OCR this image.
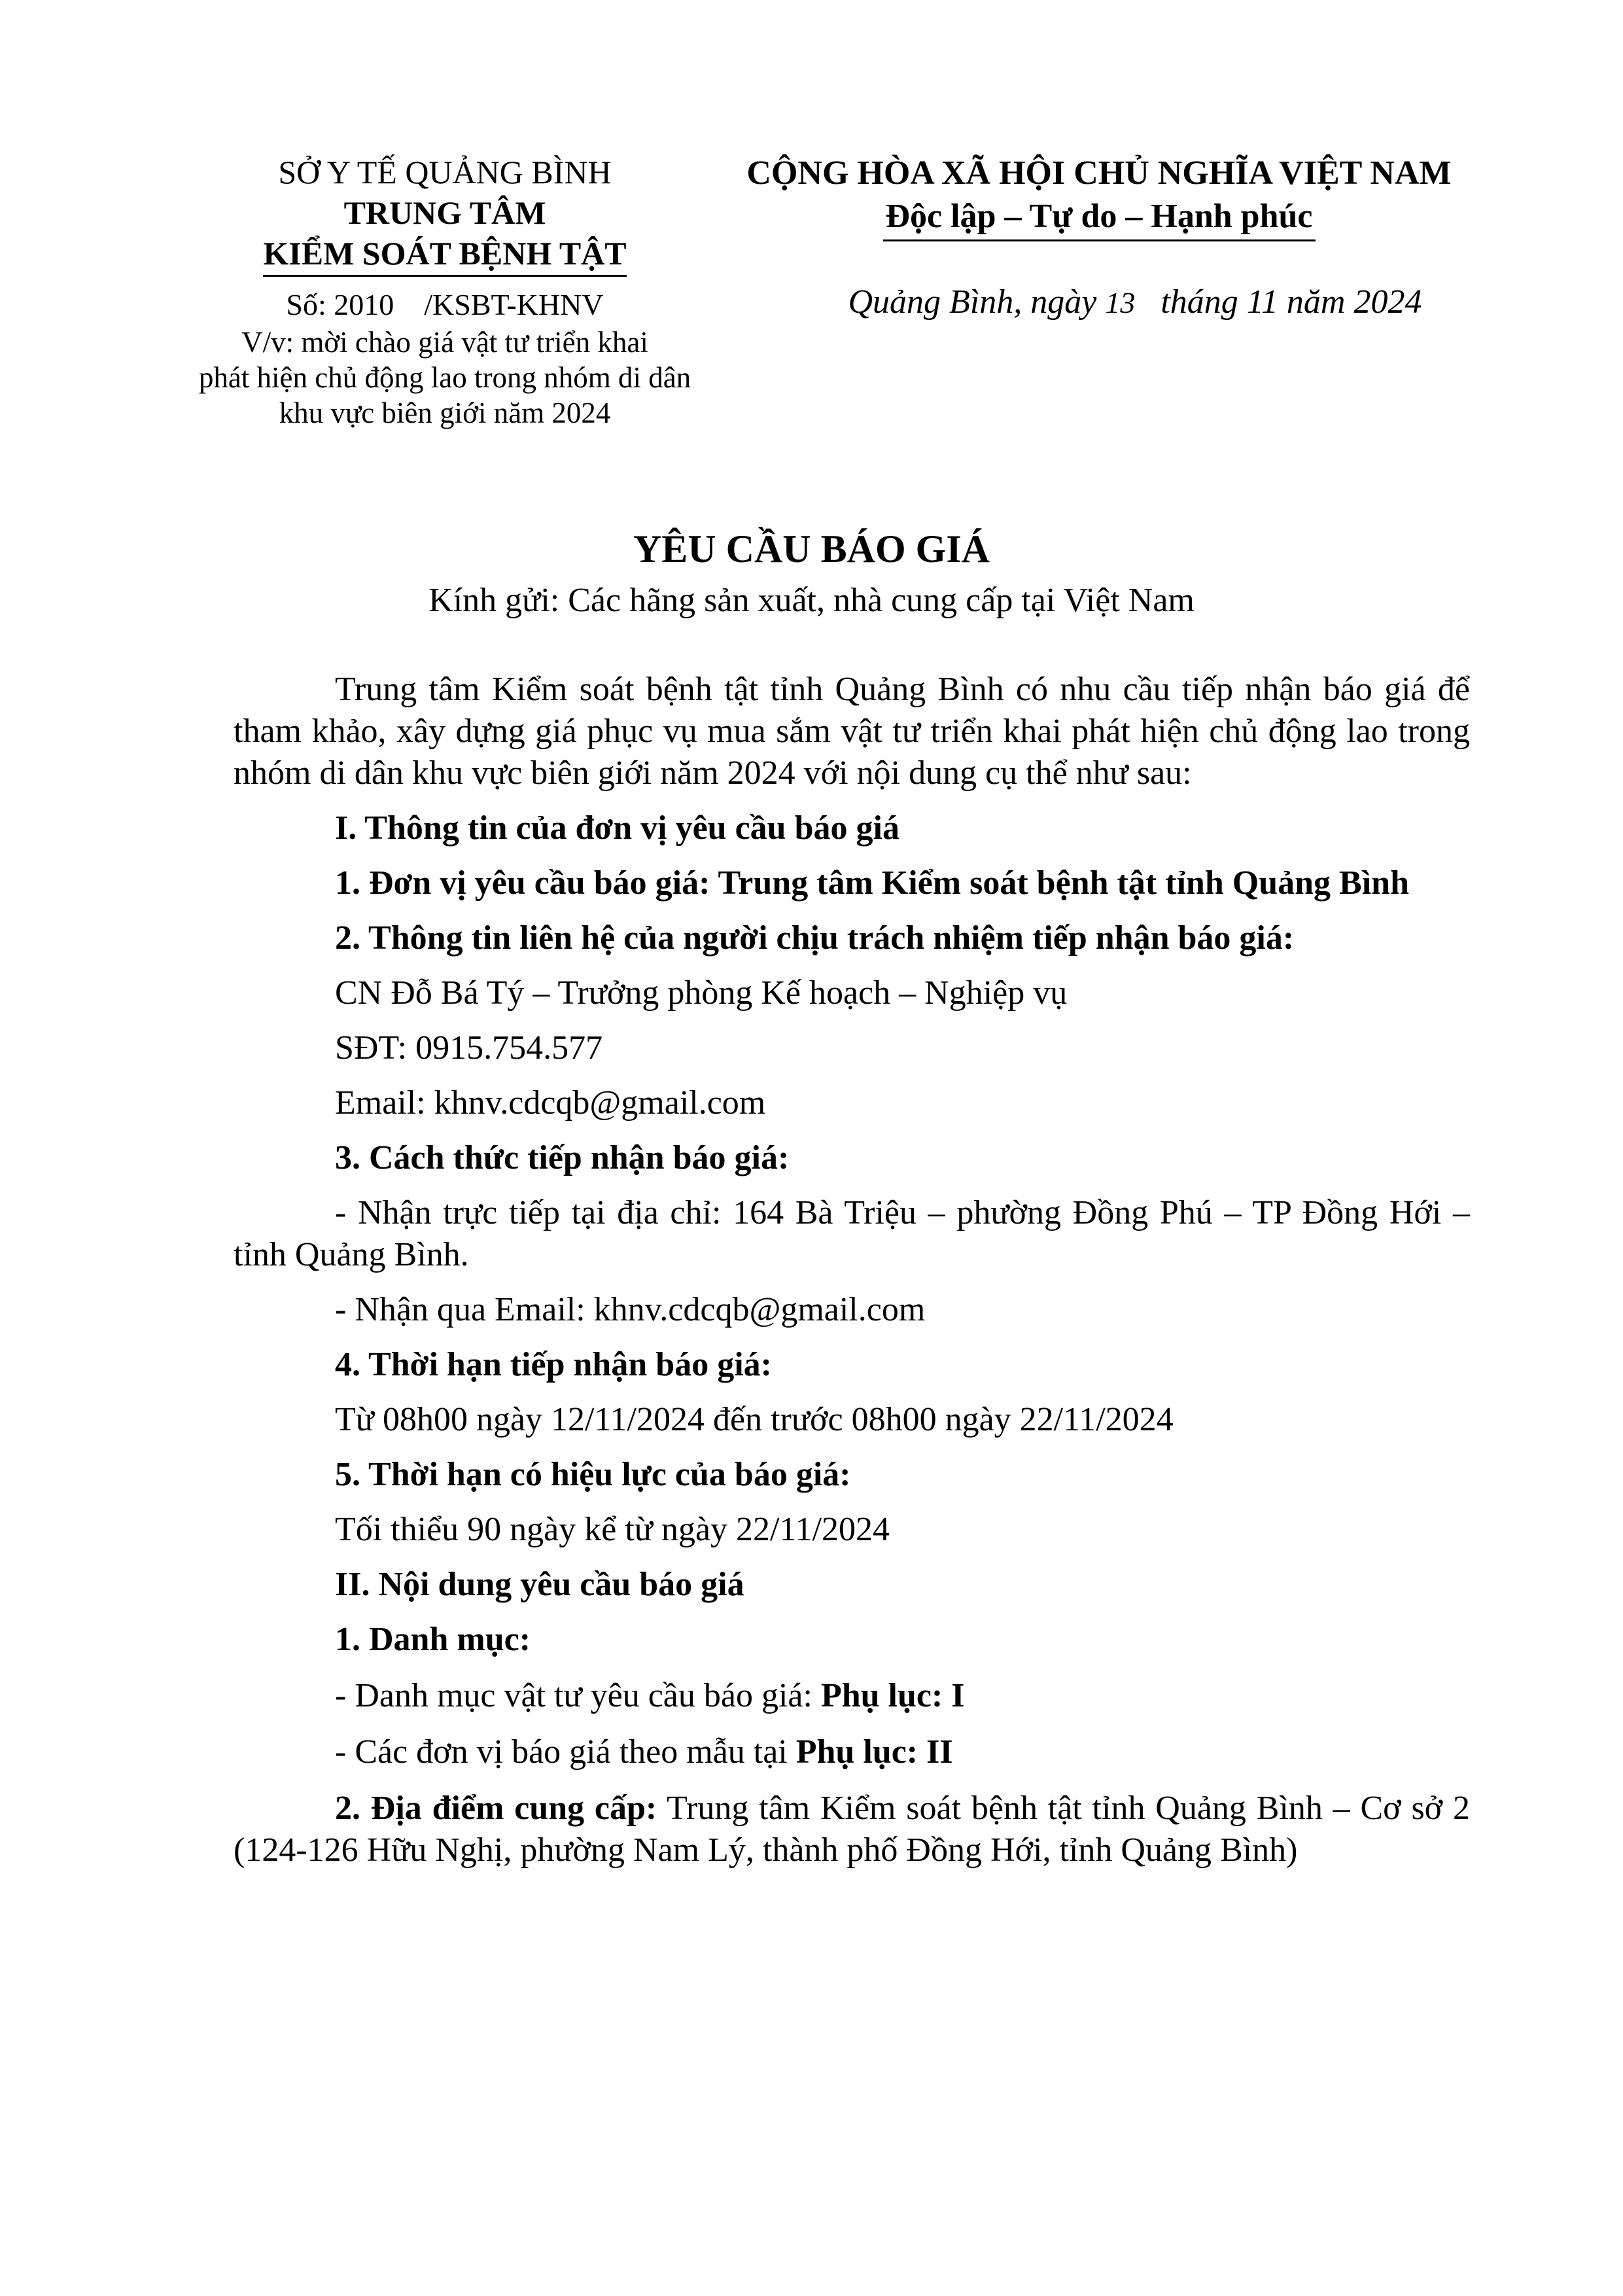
SỞ Y TẾ QUẢNG BÌNH
TRUNG TÂM
KIỂM SOÁT BỆNH TẬT
Số: 2010 /KSBT-KHNV
V/v: mời chào giá vật tư triển khai
phát hiện chủ động lao trong nhóm di dân
khu vực biên giới năm 2024
CỘNG HÒA XÃ HỘI CHỦ NGHĨA VIỆT NAM
Độc lập – Tự do – Hạnh phúc
Quảng Bình, ngày 13 tháng 11 năm 2024
YÊU CẦU BÁO GIÁ
Kính gửi: Các hãng sản xuất, nhà cung cấp tại Việt Nam

Trung tâm Kiểm soát bệnh tật tỉnh Quảng Bình có nhu cầu tiếp nhận báo giá để tham khảo, xây dựng giá phục vụ mua sắm vật tư triển khai phát hiện chủ động lao trong nhóm di dân khu vực biên giới năm 2024 với nội dung cụ thể như sau:

I. Thông tin của đơn vị yêu cầu báo giá

1. Đơn vị yêu cầu báo giá: Trung tâm Kiểm soát bệnh tật tỉnh Quảng Bình

2. Thông tin liên hệ của người chịu trách nhiệm tiếp nhận báo giá:

CN Đỗ Bá Tý – Trưởng phòng Kế hoạch – Nghiệp vụ

SĐT: 0915.754.577

Email: khnv.cdcqb@gmail.com

3. Cách thức tiếp nhận báo giá:

- Nhận trực tiếp tại địa chỉ: 164 Bà Triệu – phường Đồng Phú – TP Đồng Hới – tỉnh Quảng Bình.

- Nhận qua Email: khnv.cdcqb@gmail.com

4. Thời hạn tiếp nhận báo giá:

Từ 08h00 ngày 12/11/2024 đến trước 08h00 ngày 22/11/2024

5. Thời hạn có hiệu lực của báo giá:

Tối thiểu 90 ngày kể từ ngày 22/11/2024

II. Nội dung yêu cầu báo giá

1. Danh mục:

- Danh mục vật tư yêu cầu báo giá: Phụ lục: I

- Các đơn vị báo giá theo mẫu tại Phụ lục: II

2. Địa điểm cung cấp: Trung tâm Kiểm soát bệnh tật tỉnh Quảng Bình – Cơ sở 2 (124-126 Hữu Nghị, phường Nam Lý, thành phố Đồng Hới, tỉnh Quảng Bình)
